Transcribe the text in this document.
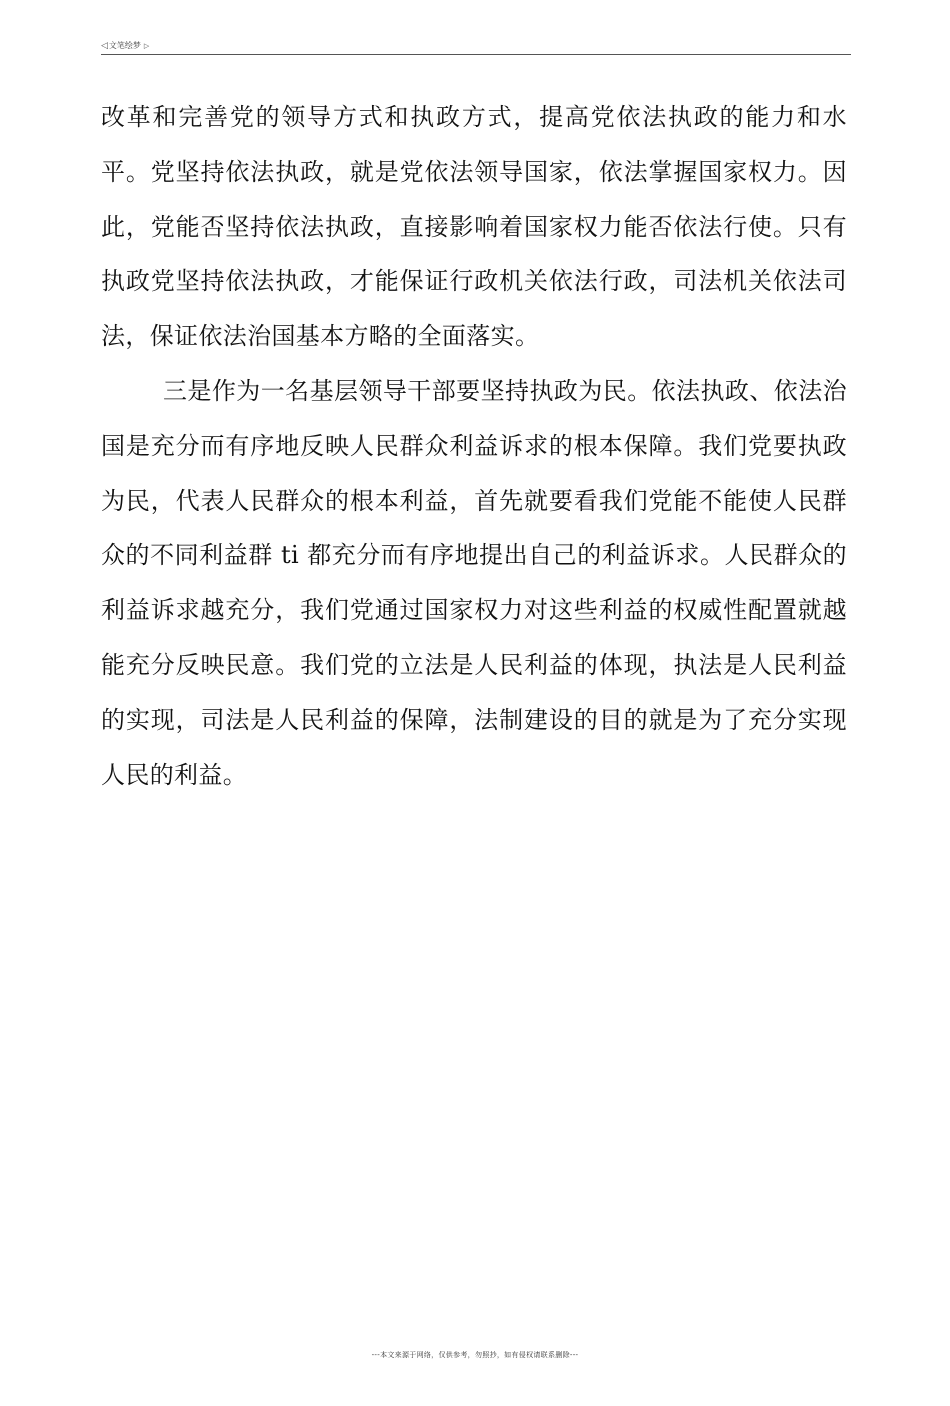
◁文笔绘梦 ▷

改革和完善党的领导方式和执政方式，提高党依法执政的能力和水平。党坚持依法执政，就是党依法领导国家，依法掌握国家权力。因此，党能否坚持依法执政，直接影响着国家权力能否依法行使。只有执政党坚持依法执政，才能保证行政机关依法行政，司法机关依法司法，保证依法治国基本方略的全面落实。

三是作为一名基层领导干部要坚持执政为民。依法执政、依法治国是充分而有序地反映人民群众利益诉求的根本保障。我们党要执政为民，代表人民群众的根本利益，首先就要看我们党能不能使人民群众的不同利益群 ti 都充分而有序地提出自己的利益诉求。人民群众的利益诉求越充分，我们党通过国家权力对这些利益的权威性配置就越能充分反映民意。我们党的立法是人民利益的体现，执法是人民利益的实现，司法是人民利益的保障，法制建设的目的就是为了充分实现人民的利益。

---本文来源于网络，仅供参考，勿照抄，如有侵权请联系删除---
